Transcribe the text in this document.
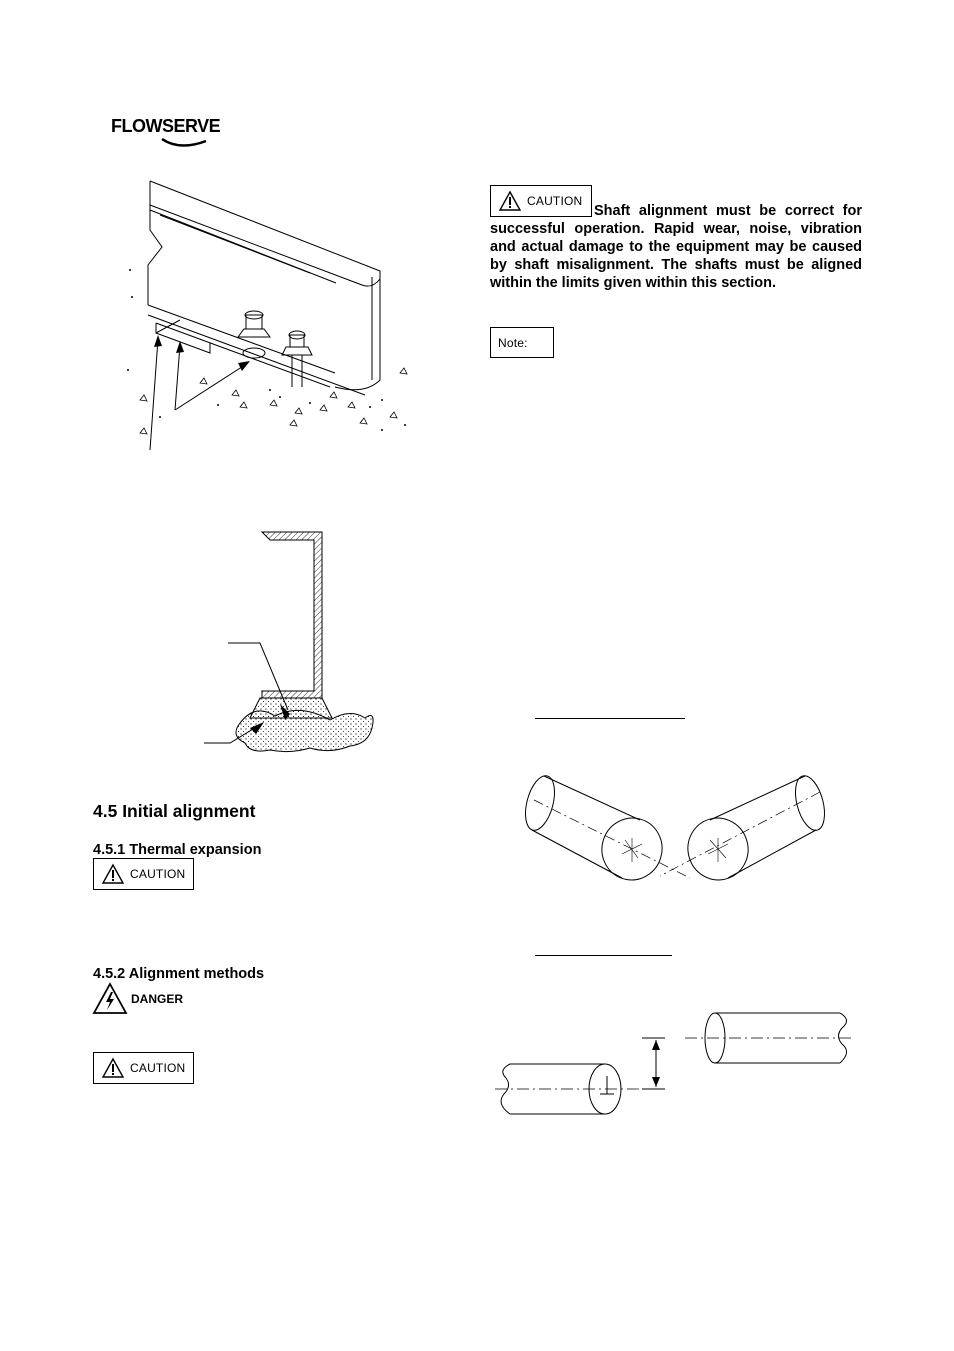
FLOWSERVE
CAUTION
Shaft alignment must be correct for successful operation. Rapid wear, noise, vibration and actual damage to the equipment may be caused by shaft misalignment. The shafts must be aligned within the limits given within this section.
Note:
4.5 Initial alignment
4.5.1 Thermal expansion
CAUTION
4.5.2 Alignment methods
DANGER
CAUTION
